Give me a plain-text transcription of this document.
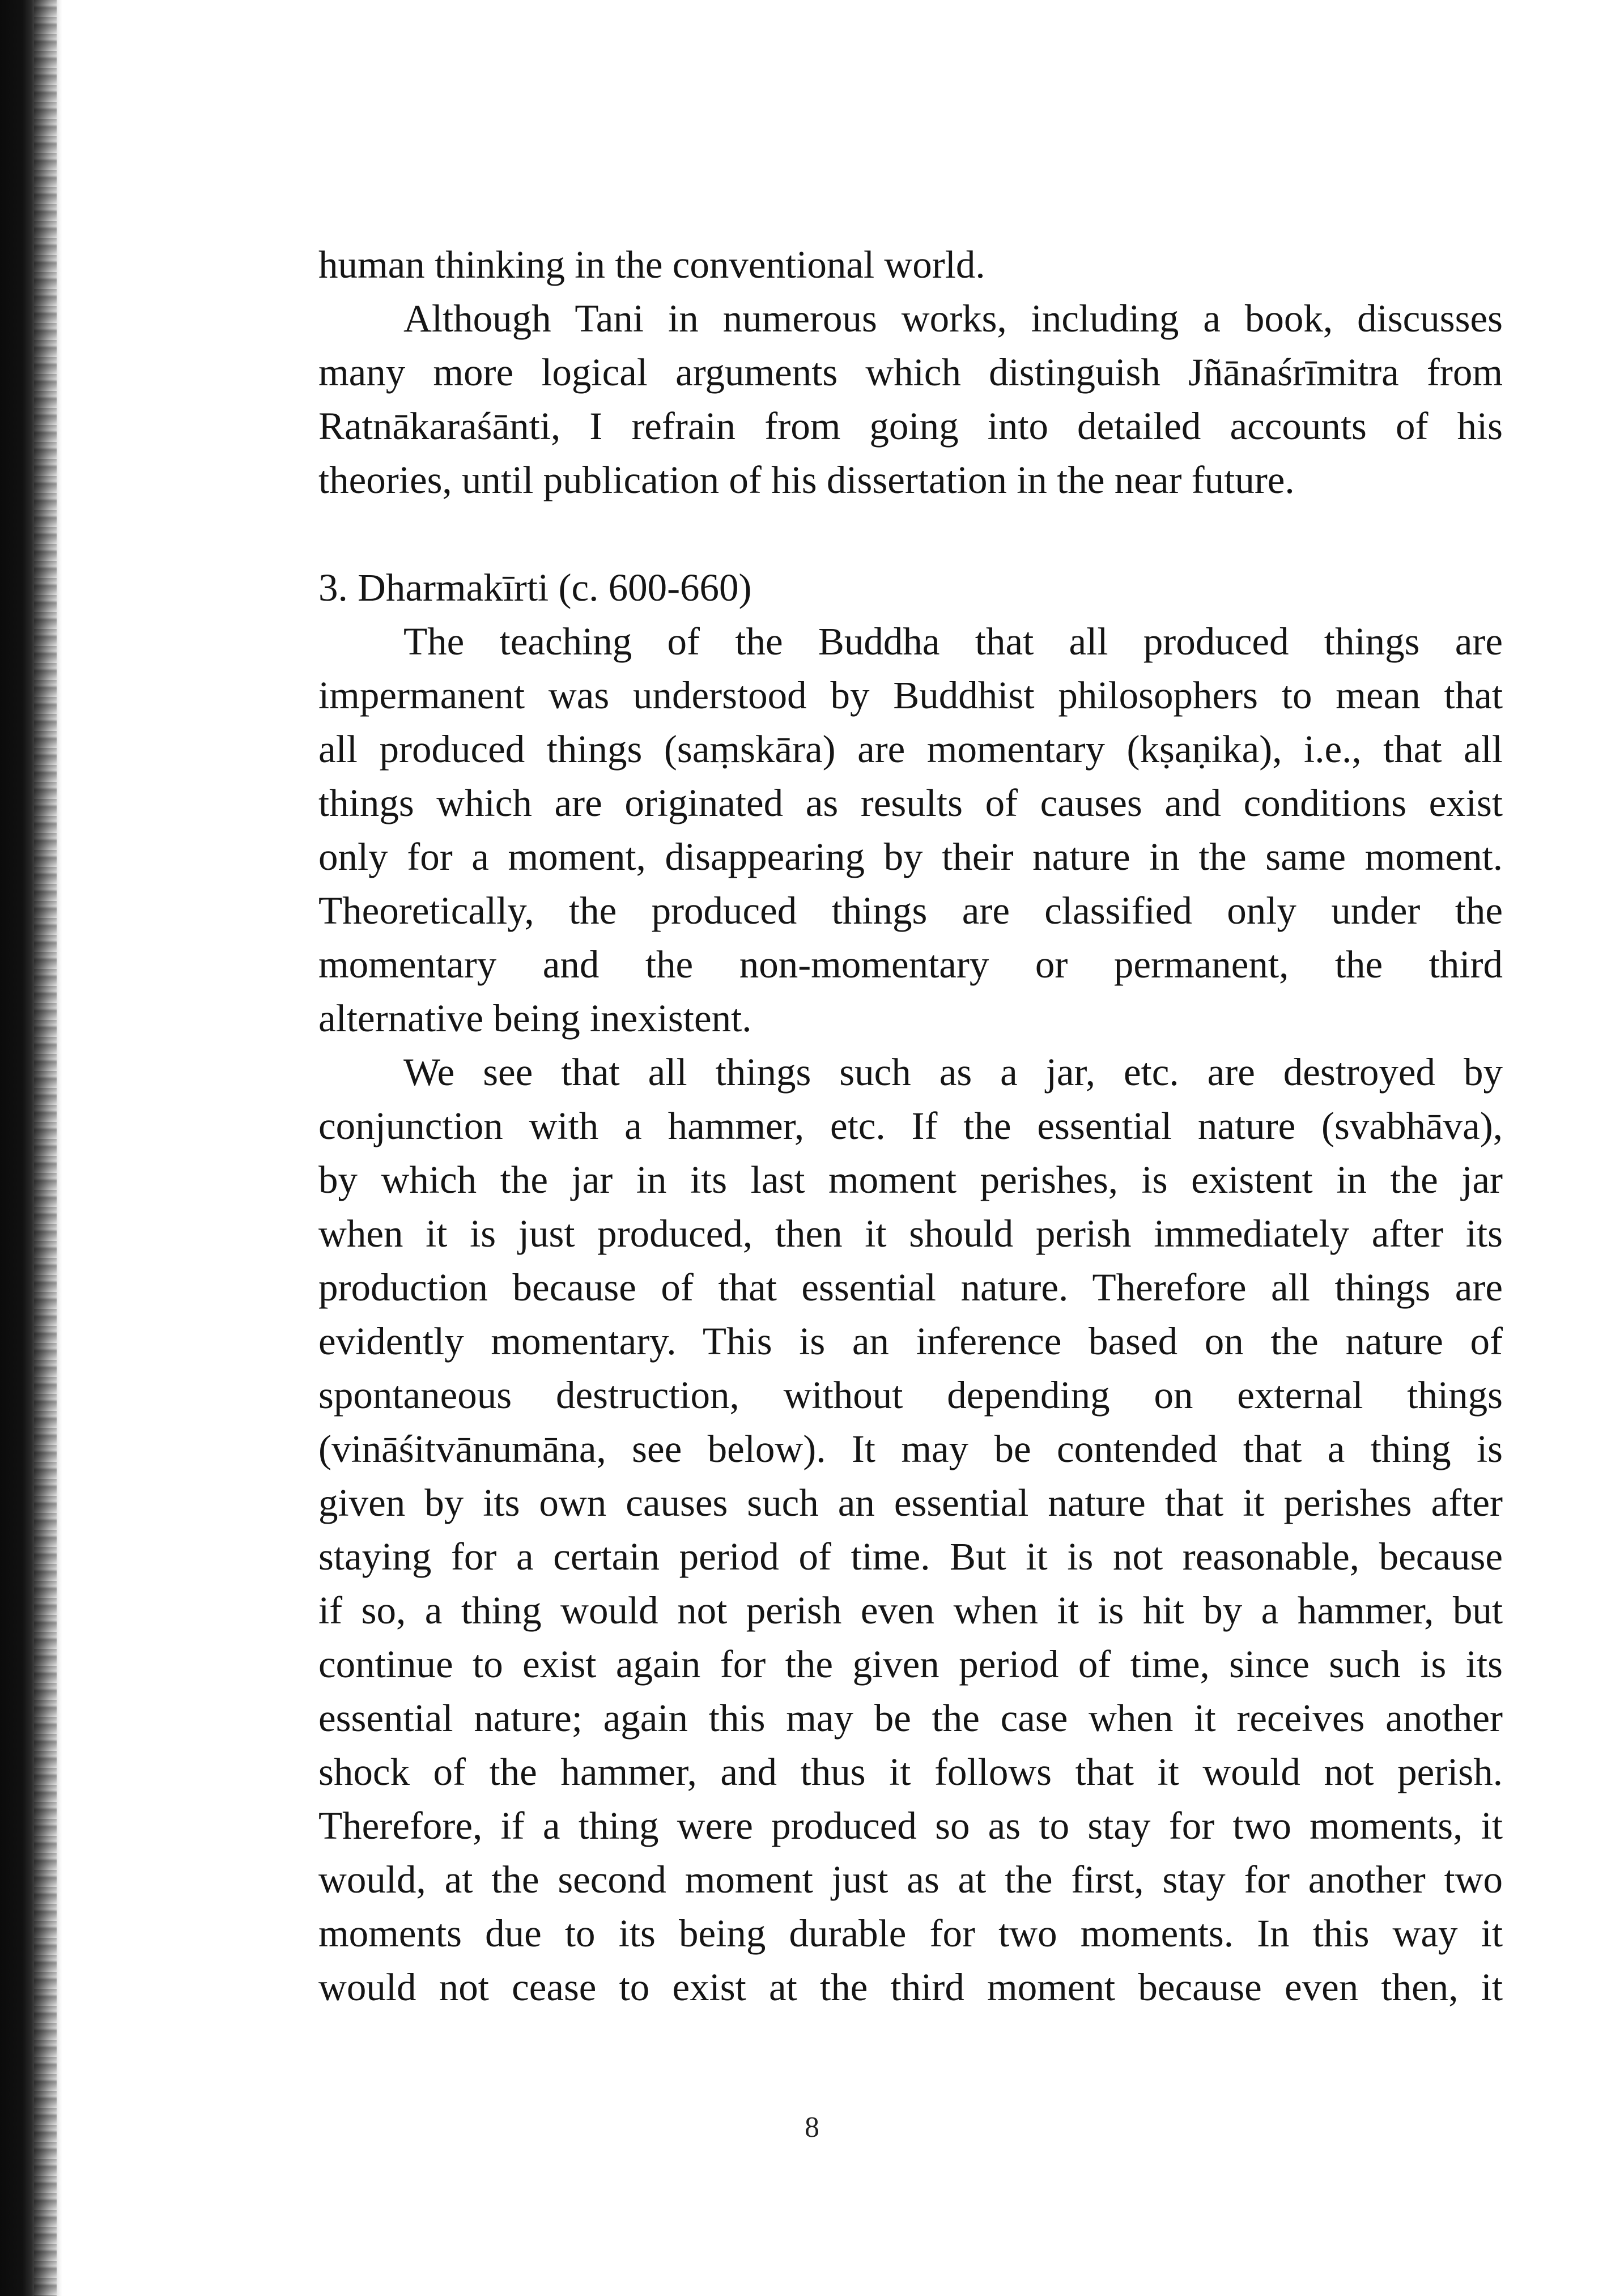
human thinking in the conventional world.
Although Tani in numerous works, including a book, discusses
many more logical arguments which distinguish Jñānaśrīmitra from
Ratnākaraśānti, I refrain from going into detailed accounts of his
theories, until publication of his dissertation in the near future.
3. Dharmakīrti (c. 600-660)
The teaching of the Buddha that all produced things are
impermanent was understood by Buddhist philosophers to mean that
all produced things (saṃskāra) are momentary (kṣaṇika), i.e., that all
things which are originated as results of causes and conditions exist
only for a moment, disappearing by their nature in the same moment.
Theoretically, the produced things are classified only under the
momentary and the non-momentary or permanent, the third
alternative being inexistent.
We see that all things such as a jar, etc. are destroyed by
conjunction with a hammer, etc. If the essential nature (svabhāva),
by which the jar in its last moment perishes, is existent in the jar
when it is just produced, then it should perish immediately after its
production because of that essential nature. Therefore all things are
evidently momentary. This is an inference based on the nature of
spontaneous destruction, without depending on external things
(vināśitvānumāna, see below). It may be contended that a thing is
given by its own causes such an essential nature that it perishes after
staying for a certain period of time. But it is not reasonable, because
if so, a thing would not perish even when it is hit by a hammer, but
continue to exist again for the given period of time, since such is its
essential nature; again this may be the case when it receives another
shock of the hammer, and thus it follows that it would not perish.
Therefore, if a thing were produced so as to stay for two moments, it
would, at the second moment just as at the first, stay for another two
moments due to its being durable for two moments. In this way it
would not cease to exist at the third moment because even then, it
8
